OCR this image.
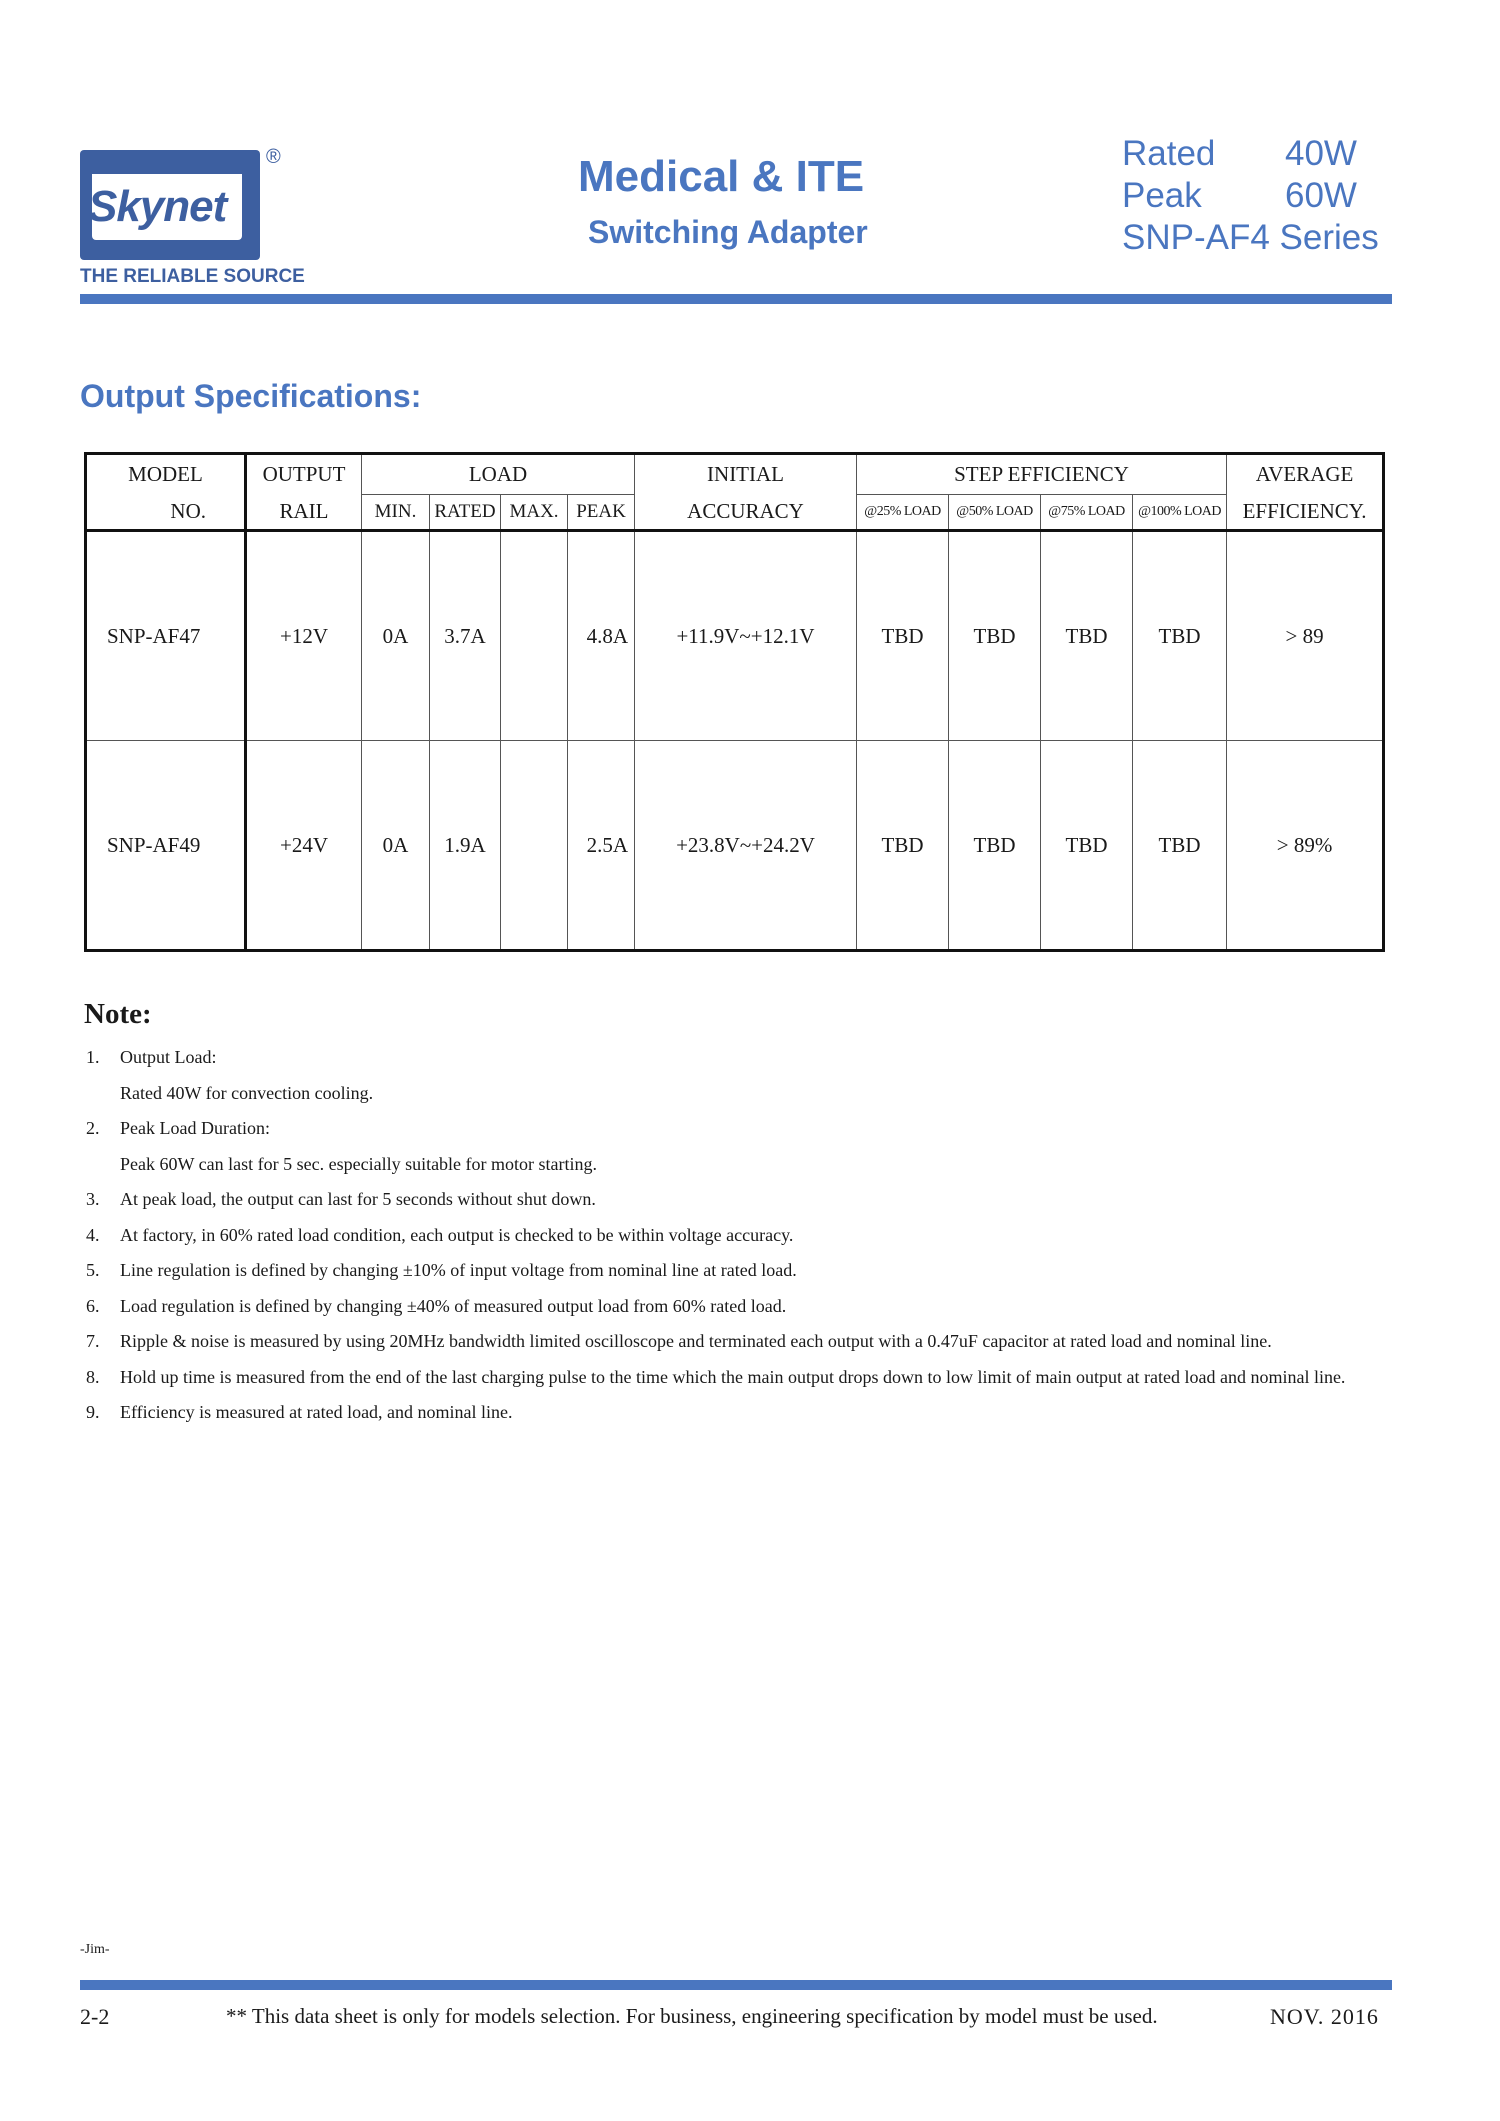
Skynet
®
THE RELIABLE SOURCE
Medical & ITE
Switching Adapter
Rated 40W
Peak 60W
SNP-AF4 Series
Output Specifications:
MODEL	OUTPUT	LOAD				INITIAL	STEP EFFICIENCY				AVERAGE
NO.	RAIL	MIN.	RATED	MAX.	PEAK	ACCURACY	@25% LOAD	@50% LOAD	@75% LOAD	@100% LOAD	EFFICIENCY.
SNP-AF47	+12V	0A	3.7A		4.8A	+11.9V~+12.1V	TBD	TBD	TBD	TBD	> 89
SNP-AF49	+24V	0A	1.9A		2.5A	+23.8V~+24.2V	TBD	TBD	TBD	TBD	> 89%
Note:
1. Output Load:
Rated 40W for convection cooling.
2. Peak Load Duration:
Peak 60W can last for 5 sec. especially suitable for motor starting.
3. At peak load, the output can last for 5 seconds without shut down.
4. At factory, in 60% rated load condition, each output is checked to be within voltage accuracy.
5. Line regulation is defined by changing ±10% of input voltage from nominal line at rated load.
6. Load regulation is defined by changing ±40% of measured output load from 60% rated load.
7. Ripple & noise is measured by using 20MHz bandwidth limited oscilloscope and terminated each output with a 0.47uF capacitor at rated load and nominal line.
8. Hold up time is measured from the end of the last charging pulse to the time which the main output drops down to low limit of main output at rated load and nominal line.
9. Efficiency is measured at rated load, and nominal line.
-Jim-
2-2	** This data sheet is only for models selection. For business, engineering specification by model must be used.	NOV. 2016
